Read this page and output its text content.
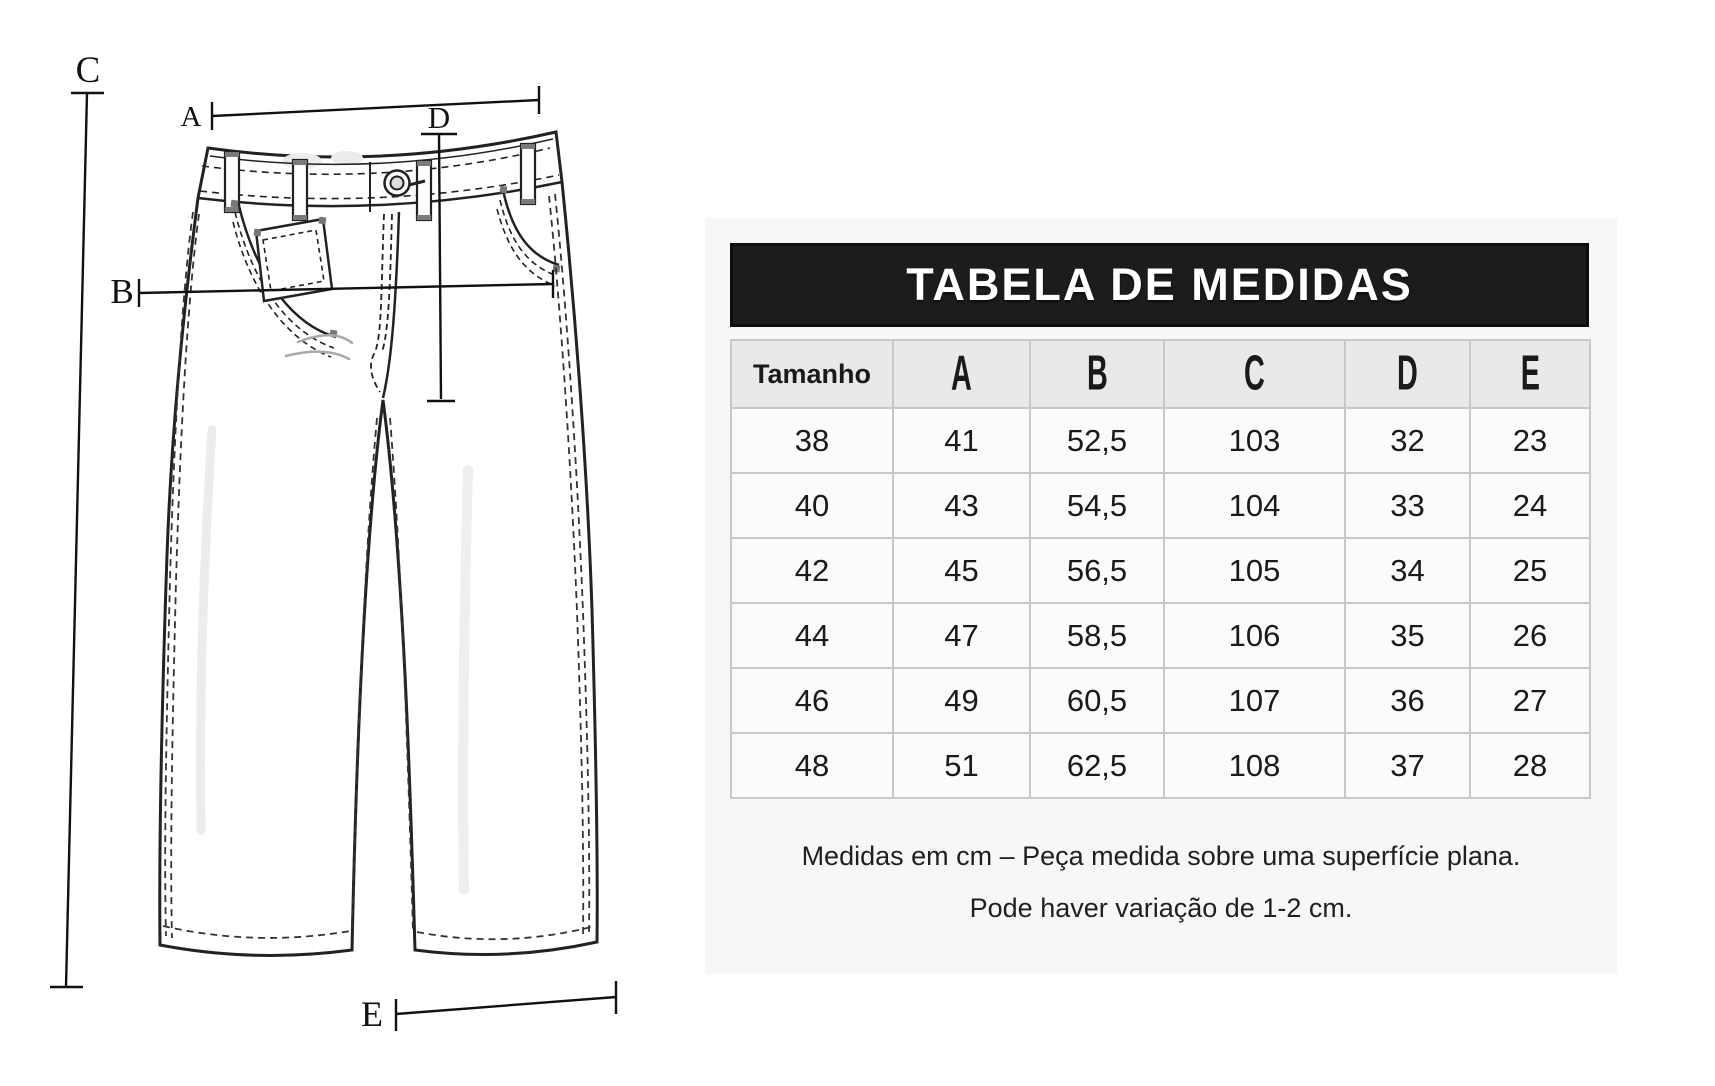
A
B
C
D
E
TABELA DE MEDIDAS
Tamanho	A	B	C	D	E
38	41	52,5	103	32	23
40	43	54,5	104	33	24
42	45	56,5	105	34	25
44	47	58,5	106	35	26
46	49	60,5	107	36	27
48	51	62,5	108	37	28

Medidas em cm – Peça medida sobre uma superfície plana.

Pode haver variação de 1-2 cm.
